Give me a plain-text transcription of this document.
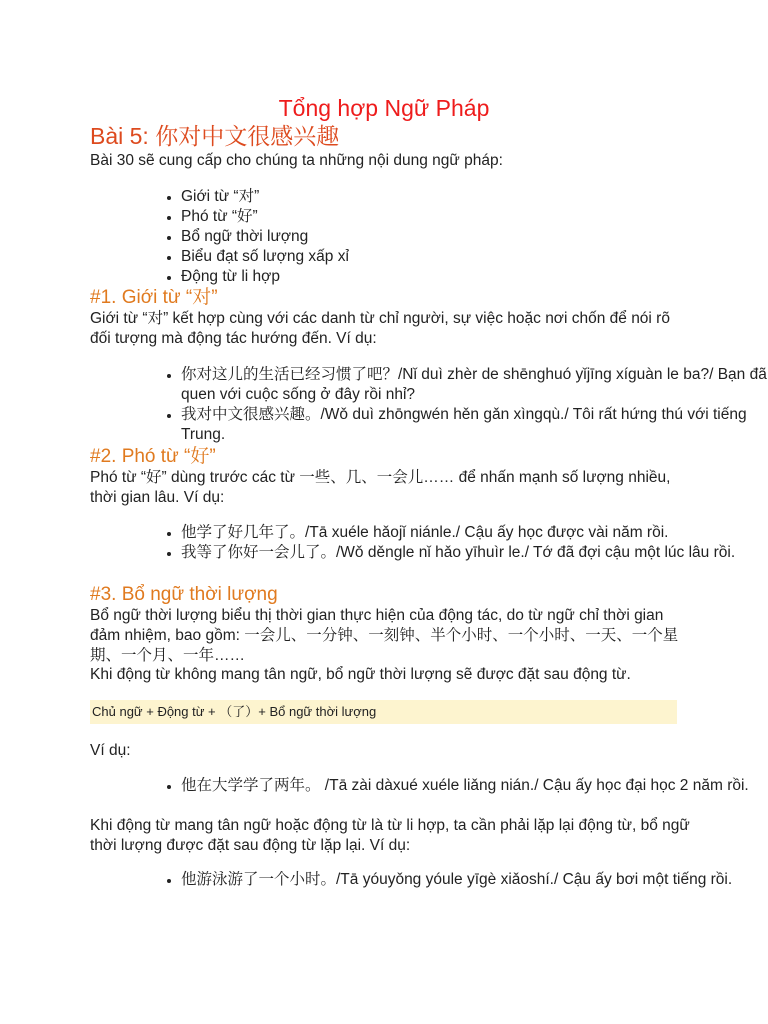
Tổng hợp Ngữ Pháp
Bài 5: 你对中文很感兴趣

Bài 30 sẽ cung cấp cho chúng ta những nội dung ngữ pháp:

• Giới từ “对”
• Phó từ “好”
• Bổ ngữ thời lượng
• Biểu đạt số lượng xấp xỉ
• Động từ li hợp
#1. Giới từ “对”

Giới từ “对” kết hợp cùng với các danh từ chỉ người, sự việc hoặc nơi chốn để nói rõ đối tượng mà động tác hướng đến. Ví dụ:

• 你对这儿的生活已经习惯了吧？/Nǐ duì zhèr de shēnghuó yǐjīng xíguàn le ba?/ Bạn đã quen với cuộc sống ở đây rồi nhỉ?
• 我对中文很感兴趣。/Wǒ duì zhōngwén hěn gǎn xìngqù./ Tôi rất hứng thú với tiếng Trung.
#2. Phó từ “好”

Phó từ “好” dùng trước các từ 一些、几、一会儿…… để nhấn mạnh số lượng nhiều, thời gian lâu. Ví dụ:

• 他学了好几年了。/Tā xuéle hǎojǐ niánle./ Cậu ấy học được vài năm rồi.
• 我等了你好一会儿了。/Wǒ děngle nǐ hǎo yīhuìr le./ Tớ đã đợi cậu một lúc lâu rồi.
#3. Bổ ngữ thời lượng

Bổ ngữ thời lượng biểu thị thời gian thực hiện của động tác, do từ ngữ chỉ thời gian đảm nhiệm, bao gồm: 一会儿、一分钟、一刻钟、半个小时、一个小时、一天、一个星期、一个月、一年……

Khi động từ không mang tân ngữ, bổ ngữ thời lượng sẽ được đặt sau động từ.

Chủ ngữ + Động từ + （了）+ Bổ ngữ thời lượng

Ví dụ:

• 他在大学学了两年。 /Tā zài dàxué xuéle liǎng nián./ Cậu ấy học đại học 2 năm rồi.

Khi động từ mang tân ngữ hoặc động từ là từ li hợp, ta cần phải lặp lại động từ, bổ ngữ thời lượng được đặt sau động từ lặp lại. Ví dụ:

• 他游泳游了一个小时。/Tā yóuyǒng yóule yīgè xiǎoshí./ Cậu ấy bơi một tiếng rồi.
